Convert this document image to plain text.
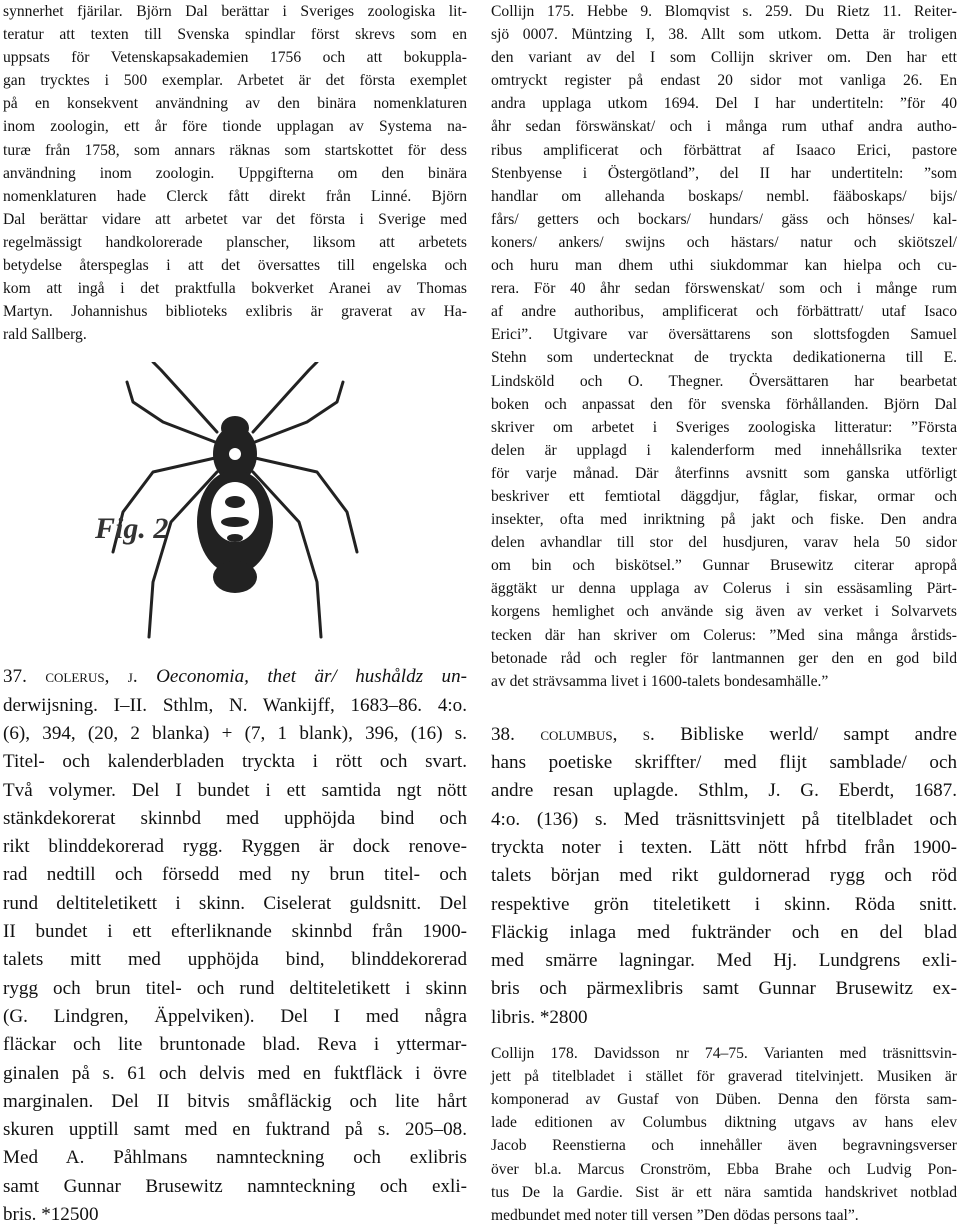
synnerhet fjärilar. Björn Dal berättar i Sveriges zoologiska lit-
teratur att texten till Svenska spindlar först skrevs som en
uppsats för Vetenskapsakademien 1756 och att bokuppla-
gan trycktes i 500 exemplar. Arbetet är det första exemplet
på en konsekvent användning av den binära nomenklaturen
inom zoologin, ett år före tionde upplagan av Systema na-
turæ från 1758, som annars räknas som startskottet för dess
användning inom zoologin. Uppgifterna om den binära
nomenklaturen hade Clerck fått direkt från Linné. Björn
Dal berättar vidare att arbetet var det första i Sverige med
regelmässigt handkolorerade planscher, liksom att arbetets
betydelse återspeglas i att det översattes till engelska och
kom att ingå i det praktfulla bokverket Aranei av Thomas
Martyn. Johannishus biblioteks exlibris är graverat av Ha-
rald Sallberg.

Fig. 2

37. colerus, j. Oeconomia, thet är/ hushåldz un-
derwijsning. I–II. Sthlm, N. Wankijff, 1683–86. 4:o.
(6), 394, (20, 2 blanka) + (7, 1 blank), 396, (16) s.
Titel- och kalenderbladen tryckta i rött och svart.
Två volymer. Del I bundet i ett samtida ngt nött
stänkdekorerat skinnbd med upphöjda bind och
rikt blinddekorerad rygg. Ryggen är dock renove-
rad nedtill och försedd med ny brun titel- och
rund deltiteletikett i skinn. Ciselerat guldsnitt. Del
II bundet i ett efterliknande skinnbd från 1900-
talets mitt med upphöjda bind, blinddekorerad
rygg och brun titel- och rund deltiteletikett i skinn
(G. Lindgren, Äppelviken). Del I med några
fläckar och lite bruntonade blad. Reva i yttermar-
ginalen på s. 61 och delvis med en fuktfläck i övre
marginalen. Del II bitvis småfläckig och lite hårt
skuren upptill samt med en fuktrand på s. 205–08.
Med A. Påhlmans namnteckning och exlibris
samt Gunnar Brusewitz namnteckning och exli-
bris. *12500

Collijn 175. Hebbe 9. Blomqvist s. 259. Du Rietz 11. Reiter-
sjö 0007. Müntzing I, 38. Allt som utkom. Detta är troligen
den variant av del I som Collijn skriver om. Den har ett
omtryckt register på endast 20 sidor mot vanliga 26. En
andra upplaga utkom 1694. Del I har undertiteln: ”för 40
åhr sedan förswänskat/ och i många rum uthaf andra autho-
ribus amplificerat och förbättrat af Isaaco Erici, pastore
Stenbyense i Östergötland”, del II har undertiteln: ”som
handlar om allehanda boskaps/ nembl. fääboskaps/ bijs/
fårs/ getters och bockars/ hundars/ gäss och hönses/ kal-
koners/ ankers/ swijns och hästars/ natur och skiötszel/
och huru man dhem uthi siukdommar kan hielpa och cu-
rera. För 40 åhr sedan förswenskat/ som och i månge rum
af andre authoribus, amplificerat och förbättratt/ utaf Isaco
Erici”. Utgivare var översättarens son slottsfogden Samuel
Stehn som undertecknat de tryckta dedikationerna till E.
Lindsköld och O. Thegner. Översättaren har bearbetat
boken och anpassat den för svenska förhållanden. Björn Dal
skriver om arbetet i Sveriges zoologiska litteratur: ”Första
delen är upplagd i kalenderform med innehållsrika texter
för varje månad. Där återfinns avsnitt som ganska utförligt
beskriver ett femtiotal däggdjur, fåglar, fiskar, ormar och
insekter, ofta med inriktning på jakt och fiske. Den andra
delen avhandlar till stor del husdjuren, varav hela 50 sidor
om bin och biskötsel.” Gunnar Brusewitz citerar apropå
äggtäkt ur denna upplaga av Colerus i sin essäsamling Pärt-
korgens hemlighet och använde sig även av verket i Solvarvets
tecken där han skriver om Colerus: ”Med sina många årstids-
betonade råd och regler för lantmannen ger den en god bild
av det strävsamma livet i 1600-talets bondesamhälle.”

38. columbus, s. Bibliske werld/ sampt andre
hans poetiske skriffter/ med flijt samblade/ och
andre resan uplagde. Sthlm, J. G. Eberdt, 1687.
4:o. (136) s. Med träsnittsvinjett på titelbladet och
tryckta noter i texten. Lätt nött hfrbd från 1900-
talets början med rikt guldornerad rygg och röd
respektive grön titeletikett i skinn. Röda snitt.
Fläckig inlaga med fuktränder och en del blad
med smärre lagningar. Med Hj. Lundgrens exli-
bris och pärmexlibris samt Gunnar Brusewitz ex-
libris. *2800

Collijn 178. Davidsson nr 74–75. Varianten med träsnittsvin-
jett på titelbladet i stället för graverad titelvinjett. Musiken är
komponerad av Gustaf von Düben. Denna den första sam-
lade editionen av Columbus diktning utgavs av hans elev
Jacob Reenstierna och innehåller även begravningsverser
över bl.a. Marcus Cronström, Ebba Brahe och Ludvig Pon-
tus De la Gardie. Sist är ett nära samtida handskrivet notblad
medbundet med noter till versen ”Den dödas persons taal”.
